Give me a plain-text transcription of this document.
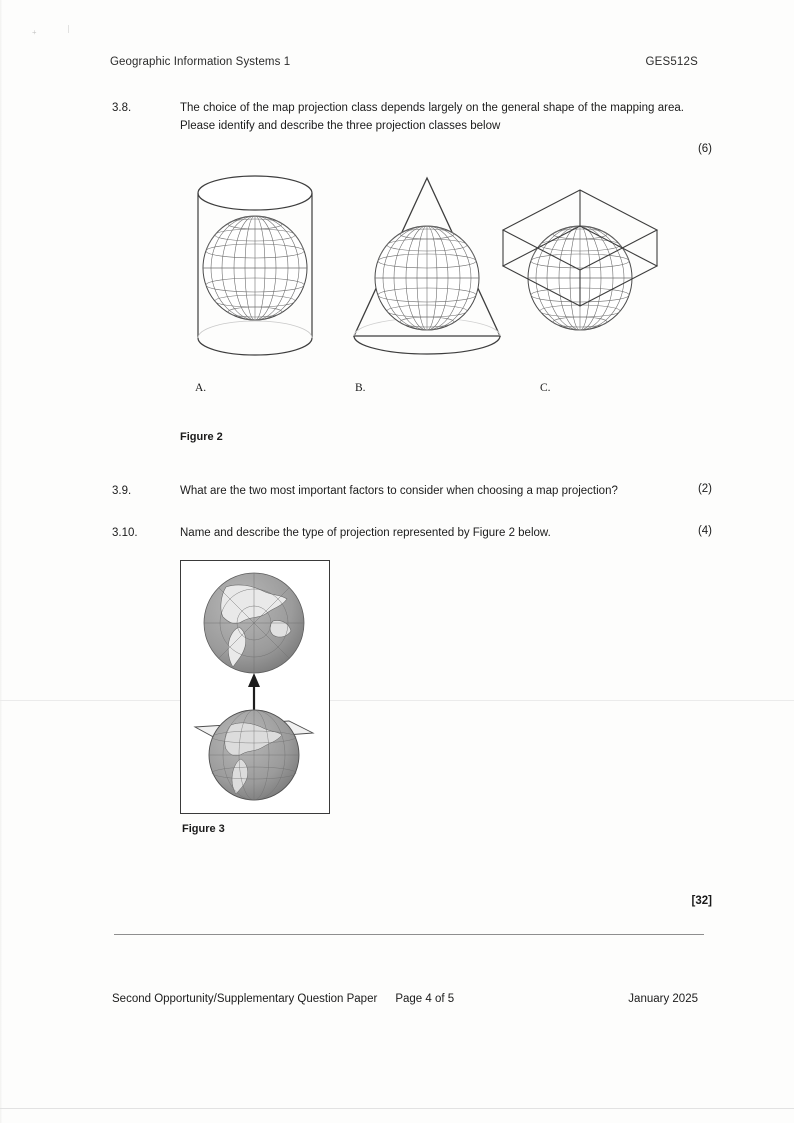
+	|
Geographic Information Systems 1	GES512S
3.8.	The choice of the map projection class depends largely on the general shape of the mapping area. Please identify and describe the three projection classes below
(6)
A.	B.	C.
Figure 2
3.9.	What are the two most important factors to consider when choosing a map projection?	(2)
3.10.	Name and describe the type of projection represented by Figure 2 below.	(4)
Figure 3
[32]
Second Opportunity/Supplementary Question Paper Page 4 of 5	January 2025
